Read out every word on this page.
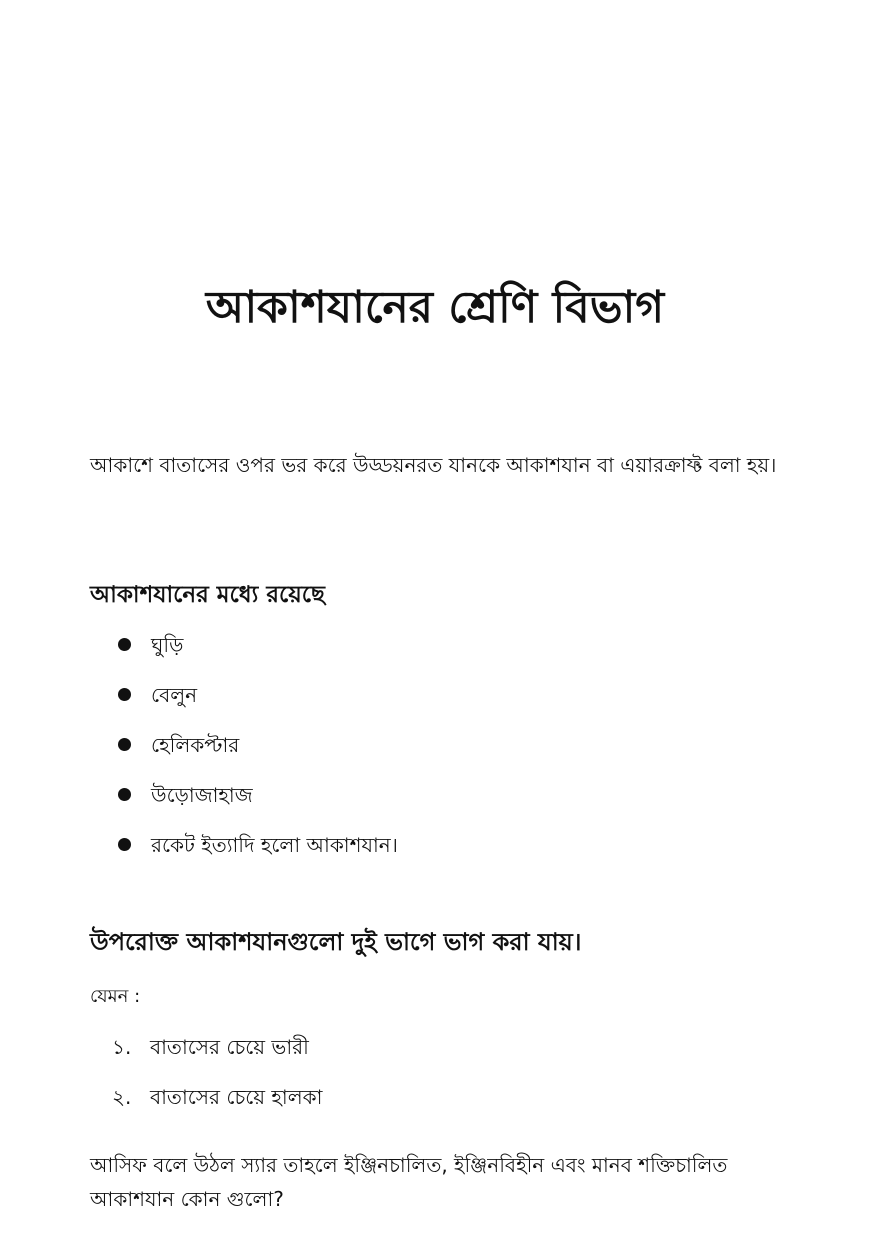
আকাশযানের শ্রেণি বিভাগ

আকাশে বাতাসের ওপর ভর করে উড্ডয়নরত যানকে আকাশযান বা এয়ারক্রাফ্ট বলা হয়।

আকাশযানের মধ্যে রয়েছে
ঘুড়ি
বেলুন
হেলিকপ্টার
উড়োজাহাজ
রকেট ইত্যাদি হলো আকাশযান।
উপরোক্ত আকাশযানগুলো দুই ভাগে ভাগ করা যায়।

যেমন :

১. বাতাসের চেয়ে ভারী
২. বাতাসের চেয়ে হালকা

আসিফ বলে উঠল স্যার তাহলে ইঞ্জিনচালিত, ইঞ্জিনবিহীন এবং মানব শক্তিচালিত আকাশযান কোন গুলো?
